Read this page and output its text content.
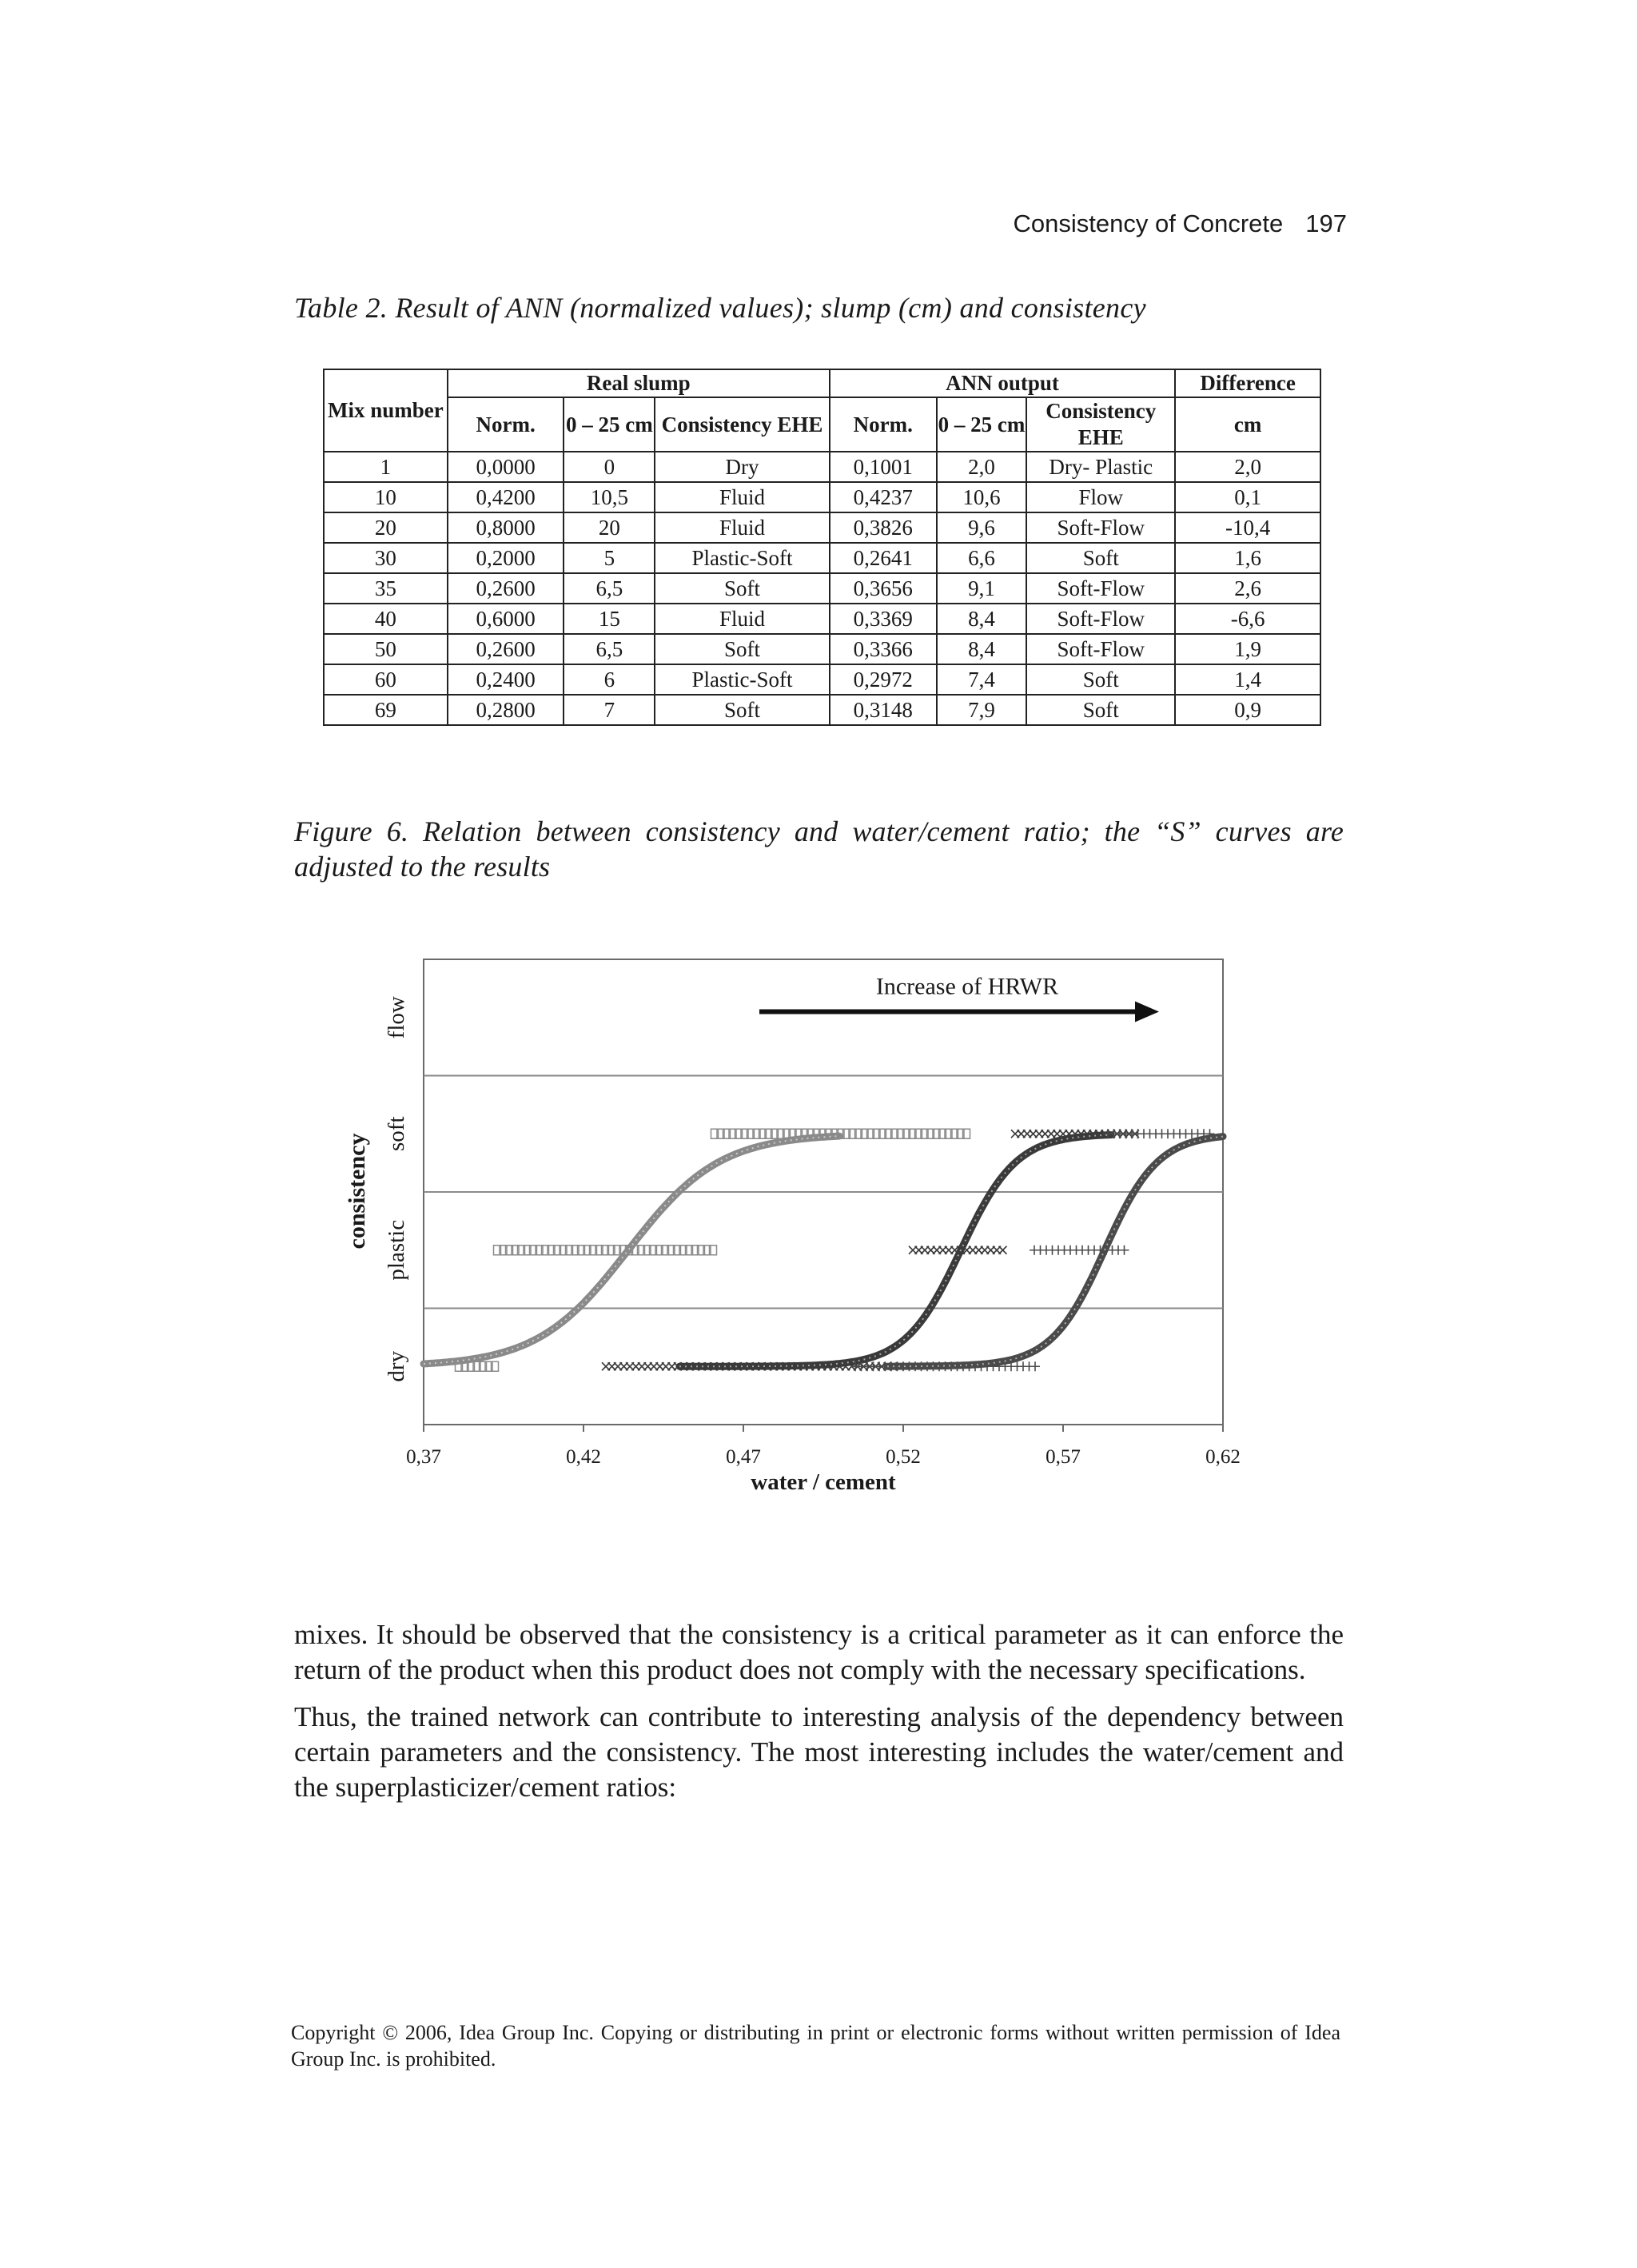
Consistency of Concrete 197
Table 2. Result of ANN (normalized values); slump (cm) and consistency
Mix number	Real slump			ANN output			Difference
	Norm.	0 – 25 cm	Consistency EHE	Norm.	0 – 25 cm	Consistency EHE	cm
1	0,0000	0	Dry	0,1001	2,0	Dry- Plastic	2,0
10	0,4200	10,5	Fluid	0,4237	10,6	Flow	0,1
20	0,8000	20	Fluid	0,3826	9,6	Soft-Flow	-10,4
30	0,2000	5	Plastic-Soft	0,2641	6,6	Soft	1,6
35	0,2600	6,5	Soft	0,3656	9,1	Soft-Flow	2,6
40	0,6000	15	Fluid	0,3369	8,4	Soft-Flow	-6,6
50	0,2600	6,5	Soft	0,3366	8,4	Soft-Flow	1,9
60	0,2400	6	Plastic-Soft	0,2972	7,4	Soft	1,4
69	0,2800	7	Soft	0,3148	7,9	Soft	0,9
Figure 6. Relation between consistency and water/cement ratio; the “S” curves are adjusted to the results
dry
plastic
soft
flow
consistency
0,37	0,42	0,47	0,52	0,57	0,62
water / cement
Increase of HRWR

mixes. It should be observed that the consistency is a critical parameter as it can enforce the return of the product when this product does not comply with the necessary specifications.

Thus, the trained network can contribute to interesting analysis of the dependency between certain parameters and the consistency. The most interesting includes the water/cement and the superplasticizer/cement ratios:

Copyright © 2006, Idea Group Inc. Copying or distributing in print or electronic forms without written permission of Idea Group Inc. is prohibited.
